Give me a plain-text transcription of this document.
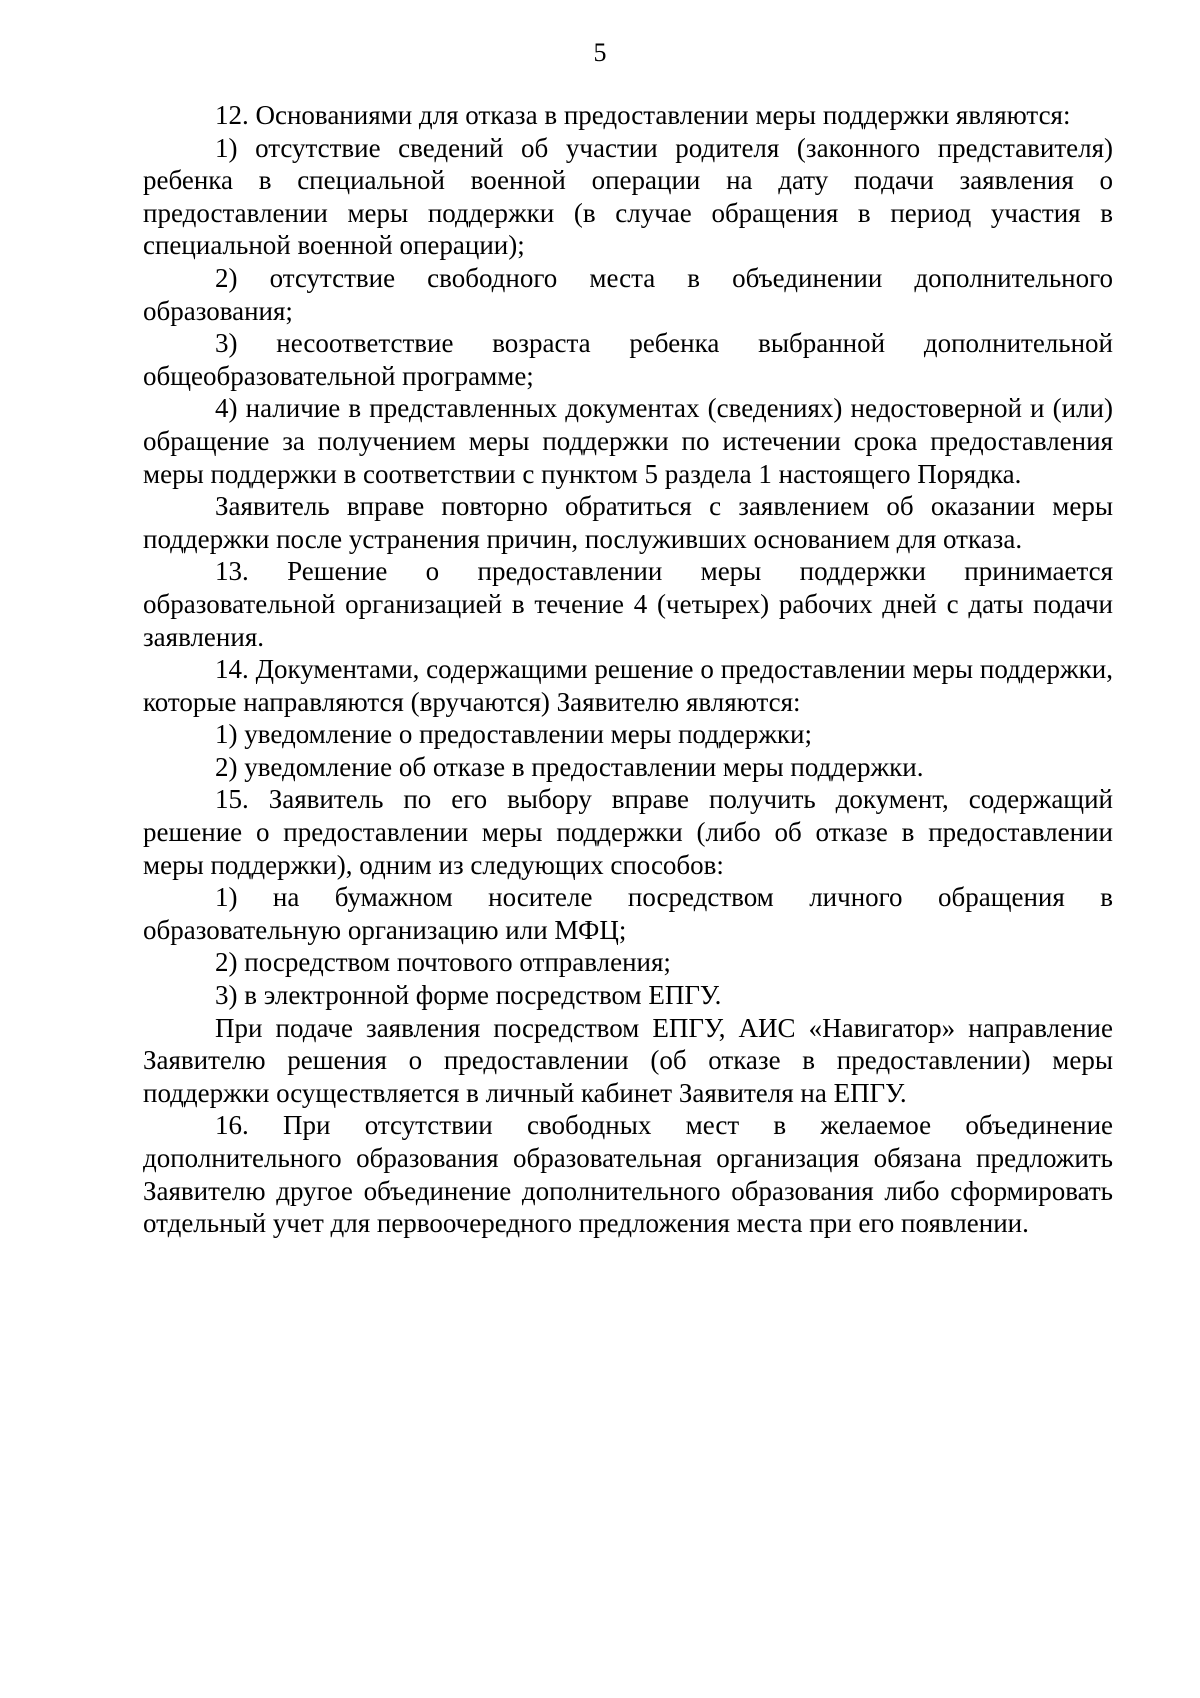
5

12. Основаниями для отказа в предоставлении меры поддержки являются:

1) отсутствие сведений об участии родителя (законного представителя) ребенка в специальной военной операции на дату подачи заявления о предоставлении меры поддержки (в случае обращения в период участия в специальной военной операции);

2) отсутствие свободного места в объединении дополнительного образования;

3) несоответствие возраста ребенка выбранной дополнительной общеобразовательной программе;

4) наличие в представленных документах (сведениях) недостоверной и (или) обращение за получением меры поддержки по истечении срока предоставления меры поддержки в соответствии с пунктом 5 раздела 1 настоящего Порядка.

Заявитель вправе повторно обратиться с заявлением об оказании меры поддержки после устранения причин, послуживших основанием для отказа.

13. Решение о предоставлении меры поддержки принимается образовательной организацией в течение 4 (четырех) рабочих дней с даты подачи заявления.

14. Документами, содержащими решение о предоставлении меры поддержки, которые направляются (вручаются) Заявителю являются:

1) уведомление о предоставлении меры поддержки;

2) уведомление об отказе в предоставлении меры поддержки.

15. Заявитель по его выбору вправе получить документ, содержащий решение о предоставлении меры поддержки (либо об отказе в предоставлении меры поддержки), одним из следующих способов:

1) на бумажном носителе посредством личного обращения в образовательную организацию или МФЦ;

2) посредством почтового отправления;

3) в электронной форме посредством ЕПГУ.

При подаче заявления посредством ЕПГУ, АИС «Навигатор» направление Заявителю решения о предоставлении (об отказе в предоставлении) меры поддержки осуществляется в личный кабинет Заявителя на ЕПГУ.

16. При отсутствии свободных мест в желаемое объединение дополнительного образования образовательная организация обязана предложить Заявителю другое объединение дополнительного образования либо сформировать отдельный учет для первоочередного предложения места при его появлении.
